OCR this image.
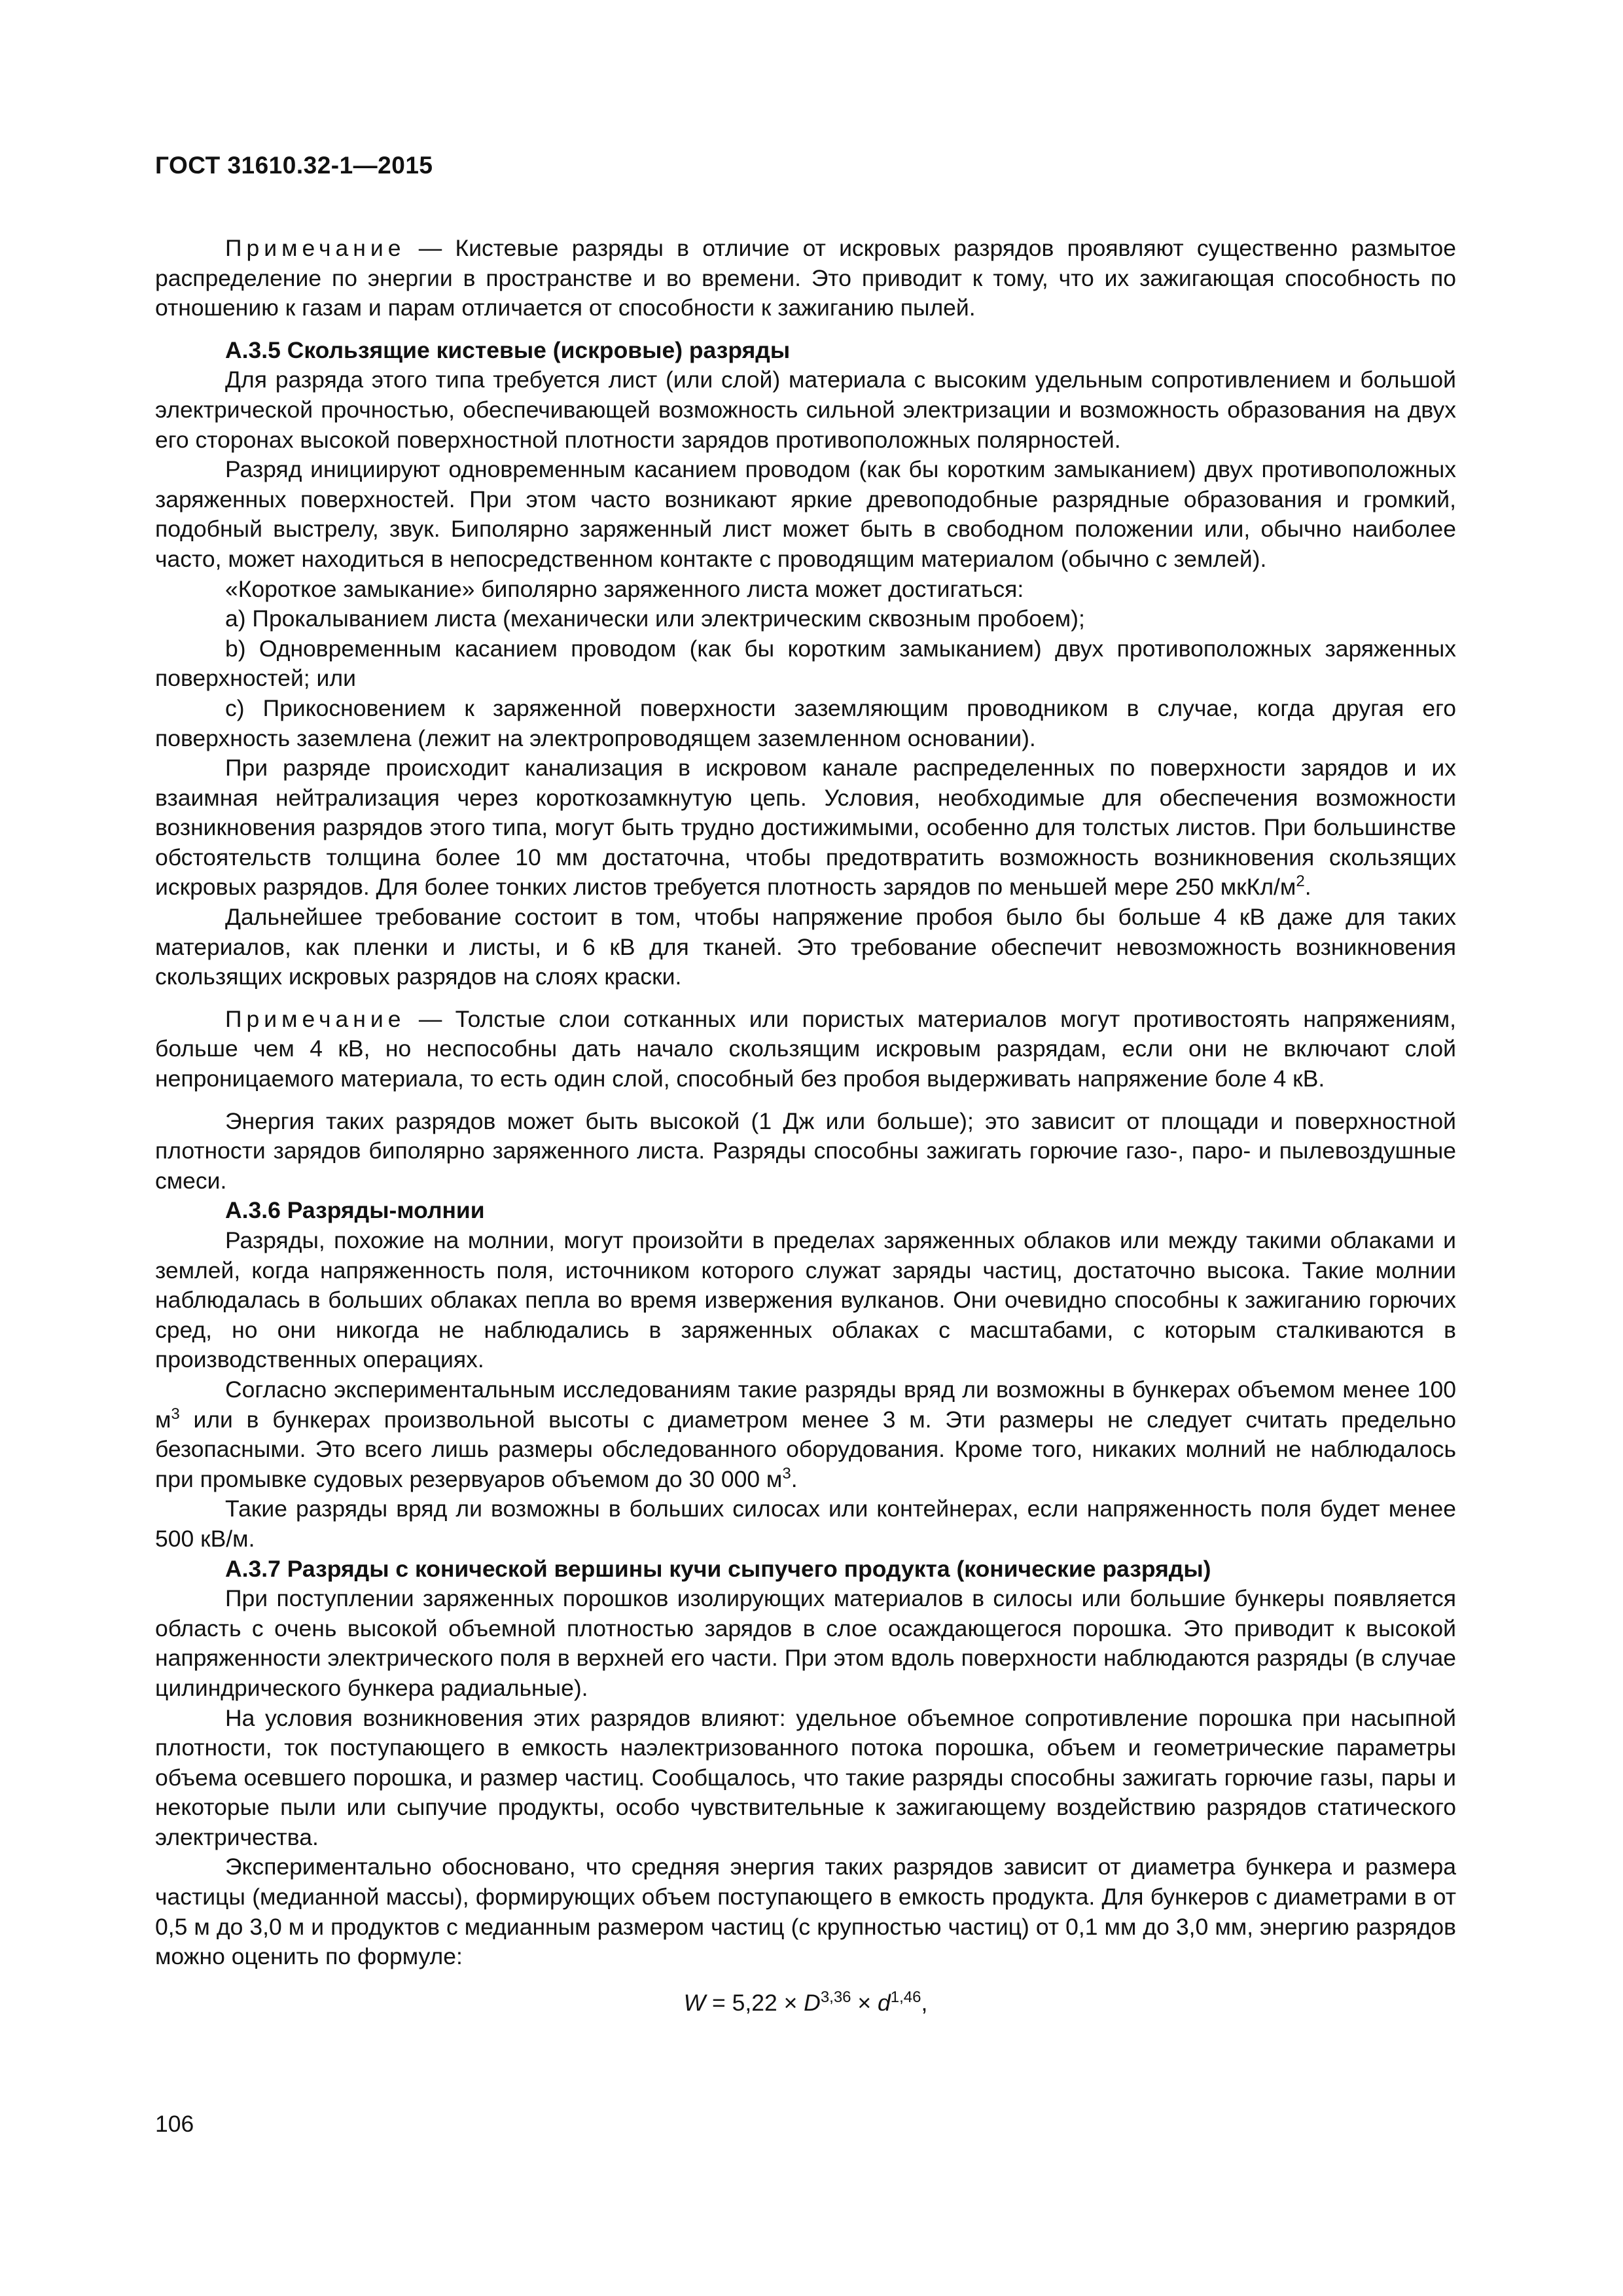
ГОСТ 31610.32-1—2015

Примечание — Кистевые разряды в отличие от искровых разрядов проявляют существенно размытое распределение по энергии в пространстве и во времени. Это приводит к тому, что их зажигающая способность по отношению к газам и парам отличается от способности к зажиганию пылей.

А.3.5 Скользящие кистевые (искровые) разряды

Для разряда этого типа требуется лист (или слой) материала с высоким удельным сопротивлением и большой электрической прочностью, обеспечивающей возможность сильной электризации и возможность образования на двух его сторонах высокой поверхностной плотности зарядов противоположных полярностей.

Разряд инициируют одновременным касанием проводом (как бы коротким замыканием) двух противоположных заряженных поверхностей. При этом часто возникают яркие древоподобные разрядные образования и громкий, подобный выстрелу, звук. Биполярно заряженный лист может быть в свободном положении или, обычно наиболее часто, может находиться в непосредственном контакте с проводящим материалом (обычно с землей).

«Короткое замыкание» биполярно заряженного листа может достигаться:

a) Прокалыванием листа (механически или электрическим сквозным пробоем);

b) Одновременным касанием проводом (как бы коротким замыканием) двух противоположных заряженных поверхностей; или

c) Прикосновением к заряженной поверхности заземляющим проводником в случае, когда другая его поверхность заземлена (лежит на электропроводящем заземленном основании).

При разряде происходит канализация в искровом канале распределенных по поверхности зарядов и их взаимная нейтрализация через короткозамкнутую цепь. Условия, необходимые для обеспечения возможности возникновения разрядов этого типа, могут быть трудно достижимыми, особенно для толстых листов. При большинстве обстоятельств толщина более 10 мм достаточна, чтобы предотвратить возможность возникновения скользящих искровых разрядов. Для более тонких листов требуется плотность зарядов по меньшей мере 250 мкКл/$м^2$.

Дальнейшее требование состоит в том, чтобы напряжение пробоя было бы больше 4 кВ даже для таких материалов, как пленки и листы, и 6 кВ для тканей. Это требование обеспечит невозможность возникновения скользящих искровых разрядов на слоях краски.

Примечание — Толстые слои сотканных или пористых материалов могут противостоять напряжениям, больше чем 4 кВ, но неспособны дать начало скользящим искровым разрядам, если они не включают слой непроницаемого материала, то есть один слой, способный без пробоя выдерживать напряжение боле 4 кВ.

Энергия таких разрядов может быть высокой (1 Дж или больше); это зависит от площади и поверхностной плотности зарядов биполярно заряженного листа. Разряды способны зажигать горючие газо-, паро- и пылевоздушные смеси.

А.3.6 Разряды-молнии

Разряды, похожие на молнии, могут произойти в пределах заряженных облаков или между такими облаками и землей, когда напряженность поля, источником которого служат заряды частиц, достаточно высока. Такие молнии наблюдалась в больших облаках пепла во время извержения вулканов. Они очевидно способны к зажиганию горючих сред, но они никогда не наблюдались в заряженных облаках с масштабами, с которым сталкиваются в производственных операциях.

Согласно экспериментальным исследованиям такие разряды вряд ли возможны в бункерах объемом менее 100 $м^3$ или в бункерах произвольной высоты с диаметром менее 3 м. Эти размеры не следует считать предельно безопасными. Это всего лишь размеры обследованного оборудования. Кроме того, никаких молний не наблюдалось при промывке судовых резервуаров объемом до 30 000 $м^3$.

Такие разряды вряд ли возможны в больших силосах или контейнерах, если напряженность поля будет менее 500 кВ/м.

А.3.7 Разряды с конической вершины кучи сыпучего продукта (конические разряды)

При поступлении заряженных порошков изолирующих материалов в силосы или большие бункеры появляется область с очень высокой объемной плотностью зарядов в слое осаждающегося порошка. Это приводит к высокой напряженности электрического поля в верхней его части. При этом вдоль поверхности наблюдаются разряды (в случае цилиндрического бункера радиальные).

На условия возникновения этих разрядов влияют: удельное объемное сопротивление порошка при насыпной плотности, ток поступающего в емкость наэлектризованного потока порошка, объем и геометрические параметры объема осевшего порошка, и размер частиц. Сообщалось, что такие разряды способны зажигать горючие газы, пары и некоторые пыли или сыпучие продукты, особо чувствительные к зажигающему воздействию разрядов статического электричества.

Экспериментально обосновано, что средняя энергия таких разрядов зависит от диаметра бункера и размера частицы (медианной массы), формирующих объем поступающего в емкость продукта. Для бункеров с диаметрами в от 0,5 м до 3,0 м и продуктов с медианным размером частиц (с крупностью частиц) от 0,1 мм до 3,0 мм, энергию разрядов можно оценить по формуле:

$W = 5,22 \times D^{3,36} \times d^{1,46}$,
106
